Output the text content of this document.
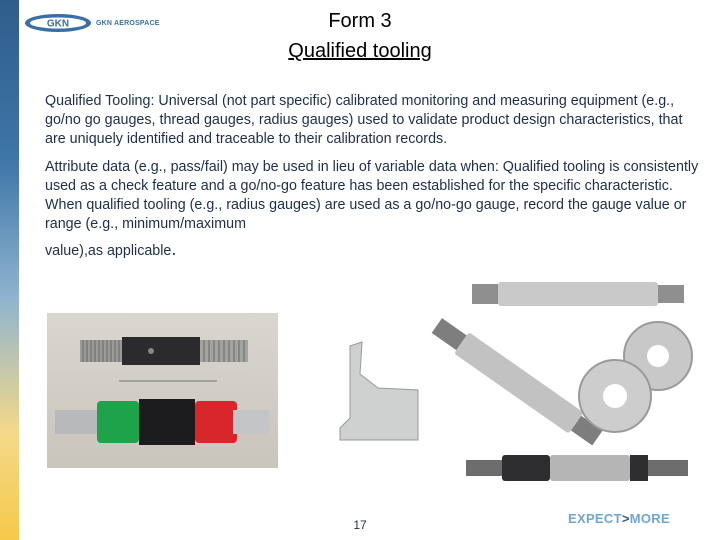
GKN	GKN AEROSPACE	Form 3
Qualified tooling
Qualified Tooling: Universal (not part specific) calibrated monitoring and measuring equipment (e.g., go/no go gauges, thread gauges, radius gauges) used to validate product design characteristics, that are uniquely identified and traceable to their calibration records.
Attribute data (e.g., pass/fail) may be used in lieu of variable data when: Qualified tooling is consistently used as a check feature and a go/no-go feature has been established for the specific characteristic. When qualified tooling (e.g., radius gauges) are used as a go/no-go gauge, record the gauge value or range (e.g., minimum/maximum
value),as applicable.
17	EXPECT>MORE
